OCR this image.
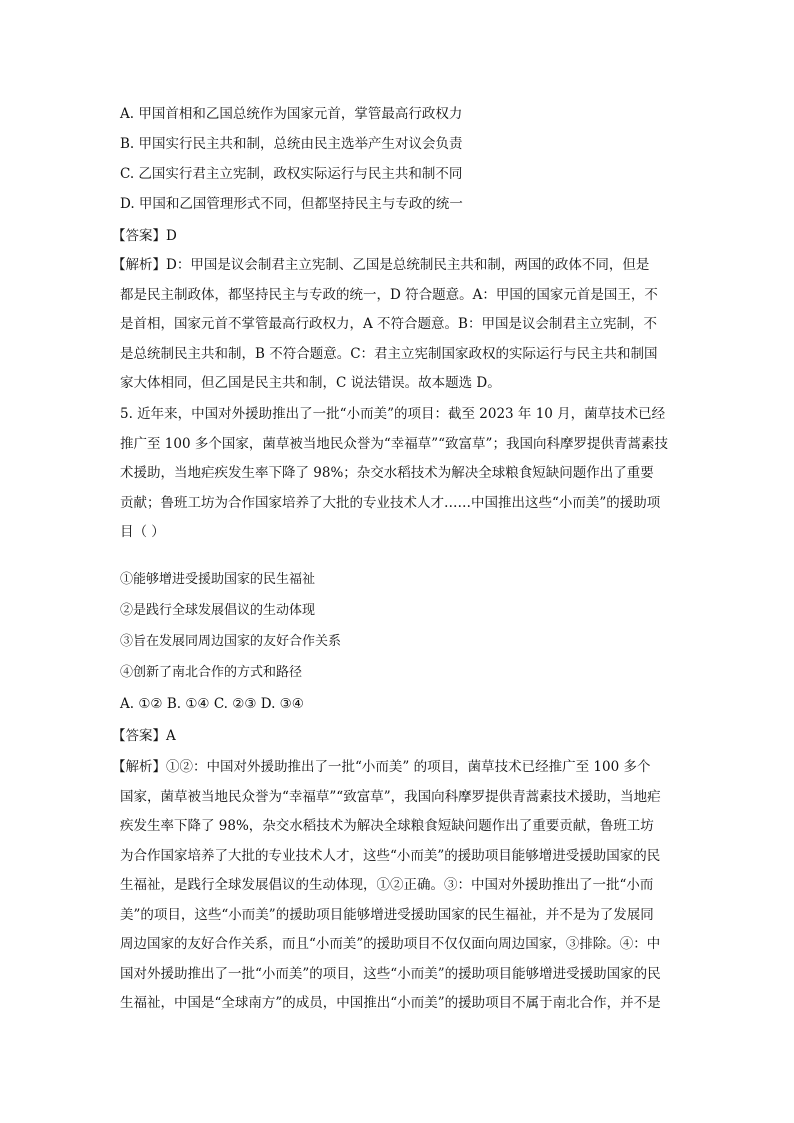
A. 甲国首相和乙国总统作为国家元首，掌管最高行政权力
B. 甲国实行民主共和制，总统由民主选举产生对议会负责
C. 乙国实行君主立宪制，政权实际运行与民主共和制不同
D. 甲国和乙国管理形式不同，但都坚持民主与专政的统一
【答案】D
【解析】D：甲国是议会制君主立宪制、乙国是总统制民主共和制，两国的政体不同，但是
都是民主制政体，都坚持民主与专政的统一，D 符合题意。A：甲国的国家元首是国王，不
是首相，国家元首不掌管最高行政权力，A 不符合题意。B：甲国是议会制君主立宪制，不
是总统制民主共和制，B 不符合题意。C：君主立宪制国家政权的实际运行与民主共和制国
家大体相同，但乙国是民主共和制，C 说法错误。故本题选 D。
5. 近年来，中国对外援助推出了一批“小而美”的项目：截至 2023 年 10 月，菌草技术已经
推广至 100 多个国家，菌草被当地民众誉为“幸福草”“致富草”；我国向科摩罗提供青蒿素技
术援助，当地疟疾发生率下降了 98%；杂交水稻技术为解决全球粮食短缺问题作出了重要
贡献；鲁班工坊为合作国家培养了大批的专业技术人才……中国推出这些“小而美”的援助项
目（ ）
①能够增进受援助国家的民生福祉
②是践行全球发展倡议的生动体现
③旨在发展同周边国家的友好合作关系
④创新了南北合作的方式和路径
A. ①② B. ①④ C. ②③ D. ③④
【答案】A
【解析】①②：中国对外援助推出了一批“小而美” 的项目，菌草技术已经推广至 100 多个
国家，菌草被当地民众誉为“幸福草”“致富草”，我国向科摩罗提供青蒿素技术援助，当地疟
疾发生率下降了 98%，杂交水稻技术为解决全球粮食短缺问题作出了重要贡献，鲁班工坊
为合作国家培养了大批的专业技术人才，这些“小而美”的援助项目能够增进受援助国家的民
生福祉，是践行全球发展倡议的生动体现，①②正确。③：中国对外援助推出了一批“小而
美”的项目，这些“小而美”的援助项目能够增进受援助国家的民生福祉，并不是为了发展同
周边国家的友好合作关系，而且“小而美”的援助项目不仅仅面向周边国家，③排除。④：中
国对外援助推出了一批“小而美”的项目，这些“小而美”的援助项目能够增进受援助国家的民
生福祉，中国是“全球南方”的成员，中国推出“小而美”的援助项目不属于南北合作，并不是
